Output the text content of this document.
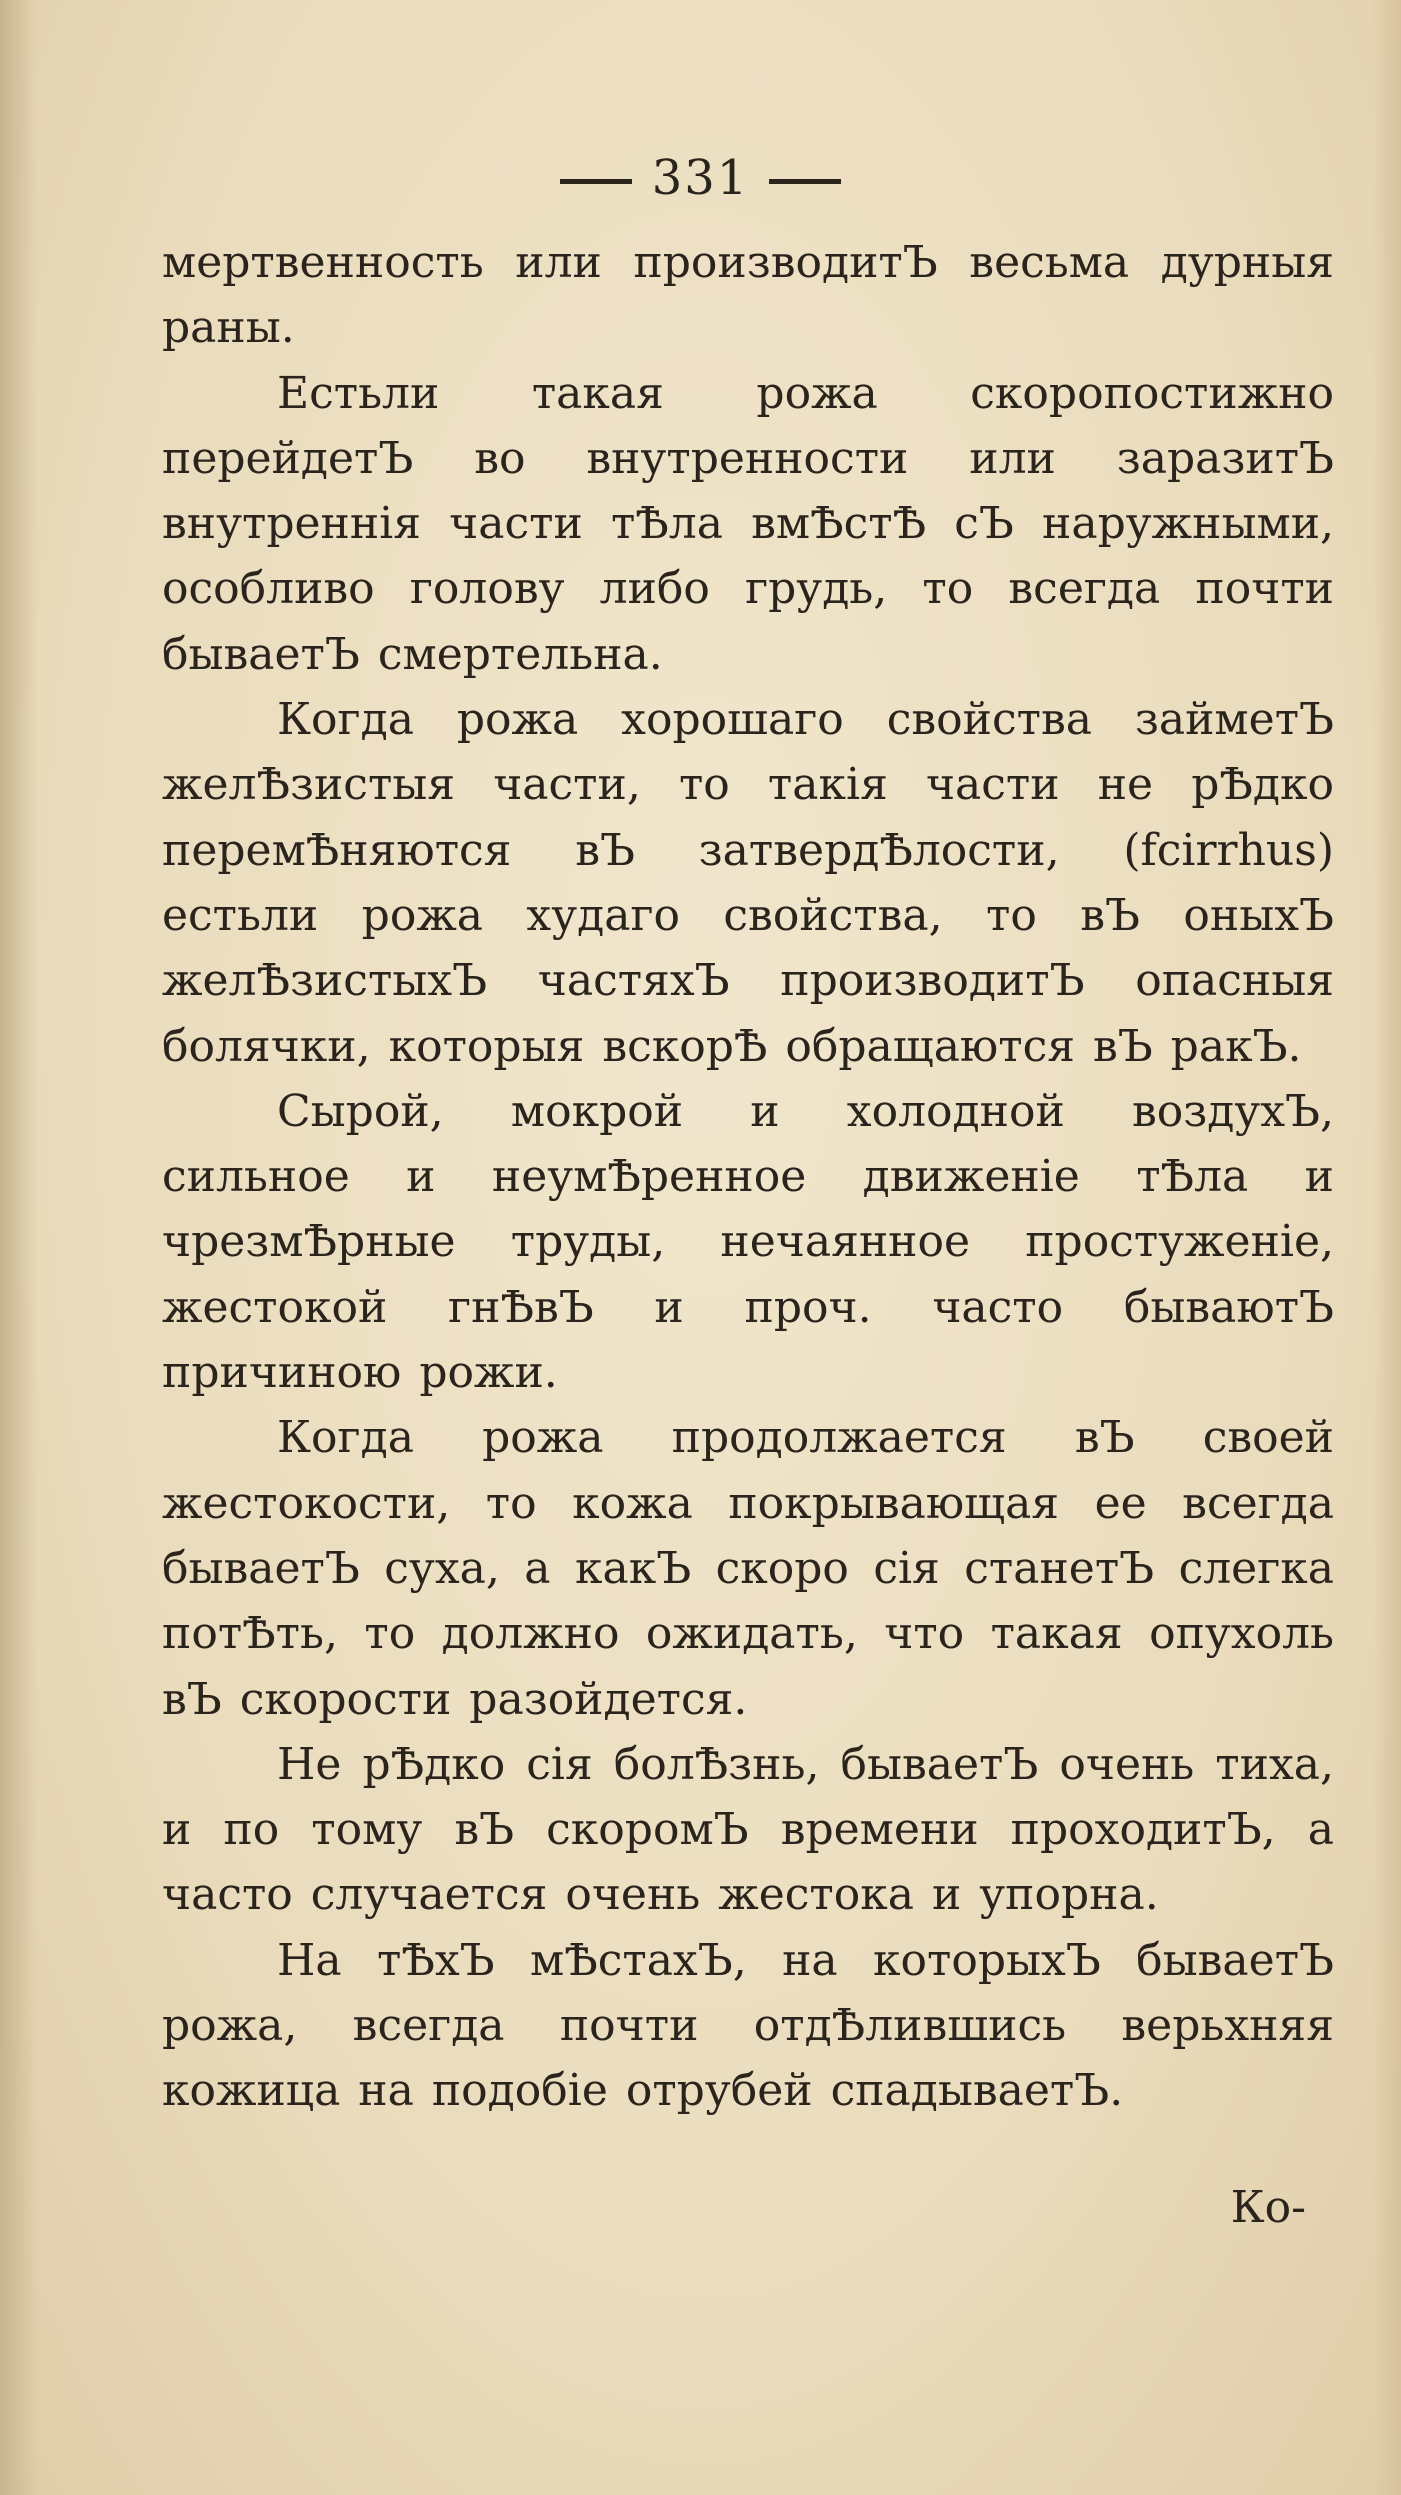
331

мертвенность или производитЪ весьма дурныя раны.

Естьли такая рожа скоропостижно перейдетЪ во внутренности или заразитЪ внутреннія части тѢла вмѢстѢ сЪ наружными, особливо голову либо грудь, то всегда почти бываетЪ смертельна.

Когда рожа хорошаго свойства займетЪ желѢзистыя части, то такія части не рѢдко перемѢняются вЪ затвердѢлости, (fcirrhus) естьли рожа худаго свойства, то вЪ оныхЪ желѢзистыхЪ частяхЪ производитЪ опасныя болячки, которыя вскорѢ обращаются вЪ ракЪ.

Сырой, мокрой и холодной воздухЪ, сильное и неумѢренное движеніе тѢла и чрезмѢрные труды, нечаянное простуженіе, жестокой гнѢвЪ и проч. часто бываютЪ причиною рожи.

Когда рожа продолжается вЪ своей жестокости, то кожа покрывающая ее всегда бываетЪ суха, а какЪ скоро сія станетЪ слегка потѢть, то должно ожидать, что такая опухоль вЪ скорости разойдется.

Не рѢдко сія болѢзнь, бываетЪ очень тиха, и по тому вЪ скоромЪ времени проходитЪ, а часто случается очень жестока и упорна.

На тѢхЪ мѢстахЪ, на которыхЪ бываетЪ рожа, всегда почти отдѢлившись верьхняя кожица на подобіе отрубей спадываетЪ.

Ко-
